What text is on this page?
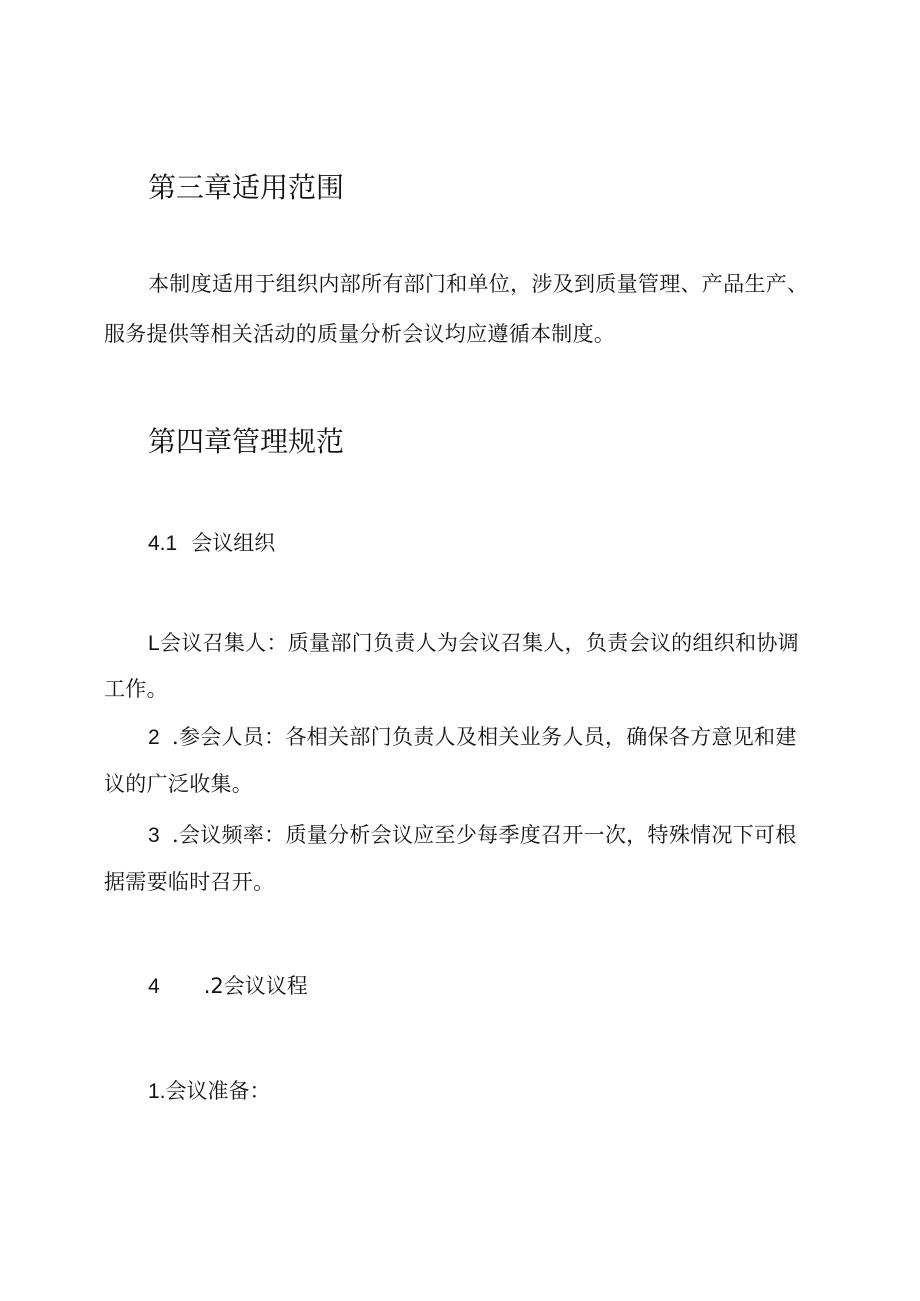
第三章适用范围

本制度适用于组织内部所有部门和单位，涉及到质量管理、产品生产、

服务提供等相关活动的质量分析会议均应遵循本制度。

第四章管理规范
4.1 会议组织

L会议召集人：质量部门负责人为会议召集人，负责会议的组织和协调

工作。

2 .参会人员：各相关部门负责人及相关业务人员，确保各方意见和建

议的广泛收集。

3 .会议频率：质量分析会议应至少每季度召开一次，特殊情况下可根

据需要临时召开。

4 .2会议议程
1.会议准备：
